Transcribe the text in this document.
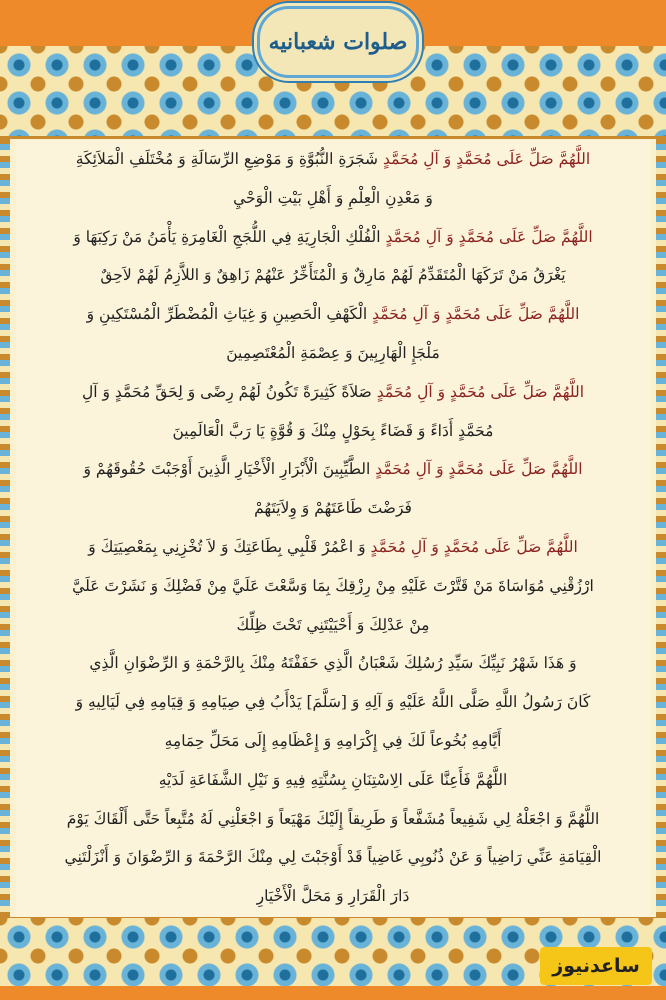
صلوات شعبانیه
اللَّهُمَّ صَلِّ عَلَى مُحَمَّدٍ وَ آلِ مُحَمَّدٍ شَجَرَةِ النُّبُوَّةِ وَ مَوْضِعِ الرِّسَالَةِ وَ مُخْتَلَفِ الْمَلاَئِكَةِ
وَ مَعْدِنِ الْعِلْمِ وَ أَهْلِ بَيْتِ الْوَحْيِ
اللَّهُمَّ صَلِّ عَلَى مُحَمَّدٍ وَ آلِ مُحَمَّدٍ الْفُلْكِ الْجَارِيَةِ فِي اللُّجَجِ الْغَامِرَةِ يَأْمَنُ مَنْ رَكِبَهَا وَ
يَغْرَقُ مَنْ تَرَكَهَا الْمُتَقَدِّمُ لَهُمْ مَارِقٌ وَ الْمُتَأَخِّرُ عَنْهُمْ زَاهِقٌ وَ اللاَّزِمُ لَهُمْ لاَحِقٌ
اللَّهُمَّ صَلِّ عَلَى مُحَمَّدٍ وَ آلِ مُحَمَّدٍ الْكَهْفِ الْحَصِينِ وَ غِيَاثِ الْمُضْطَرِّ الْمُسْتَكِينِ وَ
مَلْجَإِ الْهَارِبِينَ وَ عِصْمَةِ الْمُعْتَصِمِينَ
اللَّهُمَّ صَلِّ عَلَى مُحَمَّدٍ وَ آلِ مُحَمَّدٍ صَلاَةً كَثِيرَةً تَكُونُ لَهُمْ رِضًى وَ لِحَقِّ مُحَمَّدٍ وَ آلِ
مُحَمَّدٍ أَدَاءً وَ قَضَاءً بِحَوْلٍ مِنْكَ وَ قُوَّةٍ يَا رَبَّ الْعَالَمِينَ
اللَّهُمَّ صَلِّ عَلَى مُحَمَّدٍ وَ آلِ مُحَمَّدٍ الطَّيِّبِينَ الْأَبْرَارِ الْأَخْيَارِ الَّذِينَ أَوْجَبْتَ حُقُوقَهُمْ وَ
فَرَضْتَ طَاعَتَهُمْ وَ وِلاَيَتَهُمْ
اللَّهُمَّ صَلِّ عَلَى مُحَمَّدٍ وَ آلِ مُحَمَّدٍ وَ اعْمُرْ قَلْبِي بِطَاعَتِكَ وَ لاَ تُخْزِنِي بِمَعْصِيَتِكَ وَ
ارْزُقْنِي مُوَاسَاةَ مَنْ قَتَّرْتَ عَلَيْهِ مِنْ رِزْقِكَ بِمَا وَسَّعْتَ عَلَيَّ مِنْ فَضْلِكَ وَ نَشَرْتَ عَلَيَّ
مِنْ عَدْلِكَ وَ أَحْيَيْتَنِي تَحْتَ ظِلِّكَ
وَ هَذَا شَهْرُ نَبِيِّكَ سَيِّدِ رُسُلِكَ شَعْبَانُ الَّذِي حَفَفْتَهُ مِنْكَ بِالرَّحْمَةِ وَ الرِّضْوَانِ الَّذِي
كَانَ رَسُولُ اللَّهِ صَلَّى اللَّهُ عَلَيْهِ وَ آلِهِ وَ [سَلَّمَ] يَدْأَبُ فِي صِيَامِهِ وَ قِيَامِهِ فِي لَيَالِيهِ وَ
أَيَّامِهِ بُخُوعاً لَكَ فِي إِكْرَامِهِ وَ إِعْظَامِهِ إِلَى مَحَلِّ حِمَامِهِ
اللَّهُمَّ فَأَعِنَّا عَلَى الِاسْتِنَانِ بِسُنَّتِهِ فِيهِ وَ نَيْلِ الشَّفَاعَةِ لَدَيْهِ
اللَّهُمَّ وَ اجْعَلْهُ لِي شَفِيعاً مُشَفَّعاً وَ طَرِيقاً إِلَيْكَ مَهْيَعاً وَ اجْعَلْنِي لَهُ مُتَّبِعاً حَتَّى أَلْقَاكَ يَوْمَ
الْقِيَامَةِ عَنِّي رَاضِياً وَ عَنْ ذُنُوبِي غَاضِياً قَدْ أَوْجَبْتَ لِي مِنْكَ الرَّحْمَةَ وَ الرِّضْوَانَ وَ أَنْزَلْتَنِي
دَارَ الْقَرَارِ وَ مَحَلَّ الْأَخْيَارِ
ساعدنیوز
